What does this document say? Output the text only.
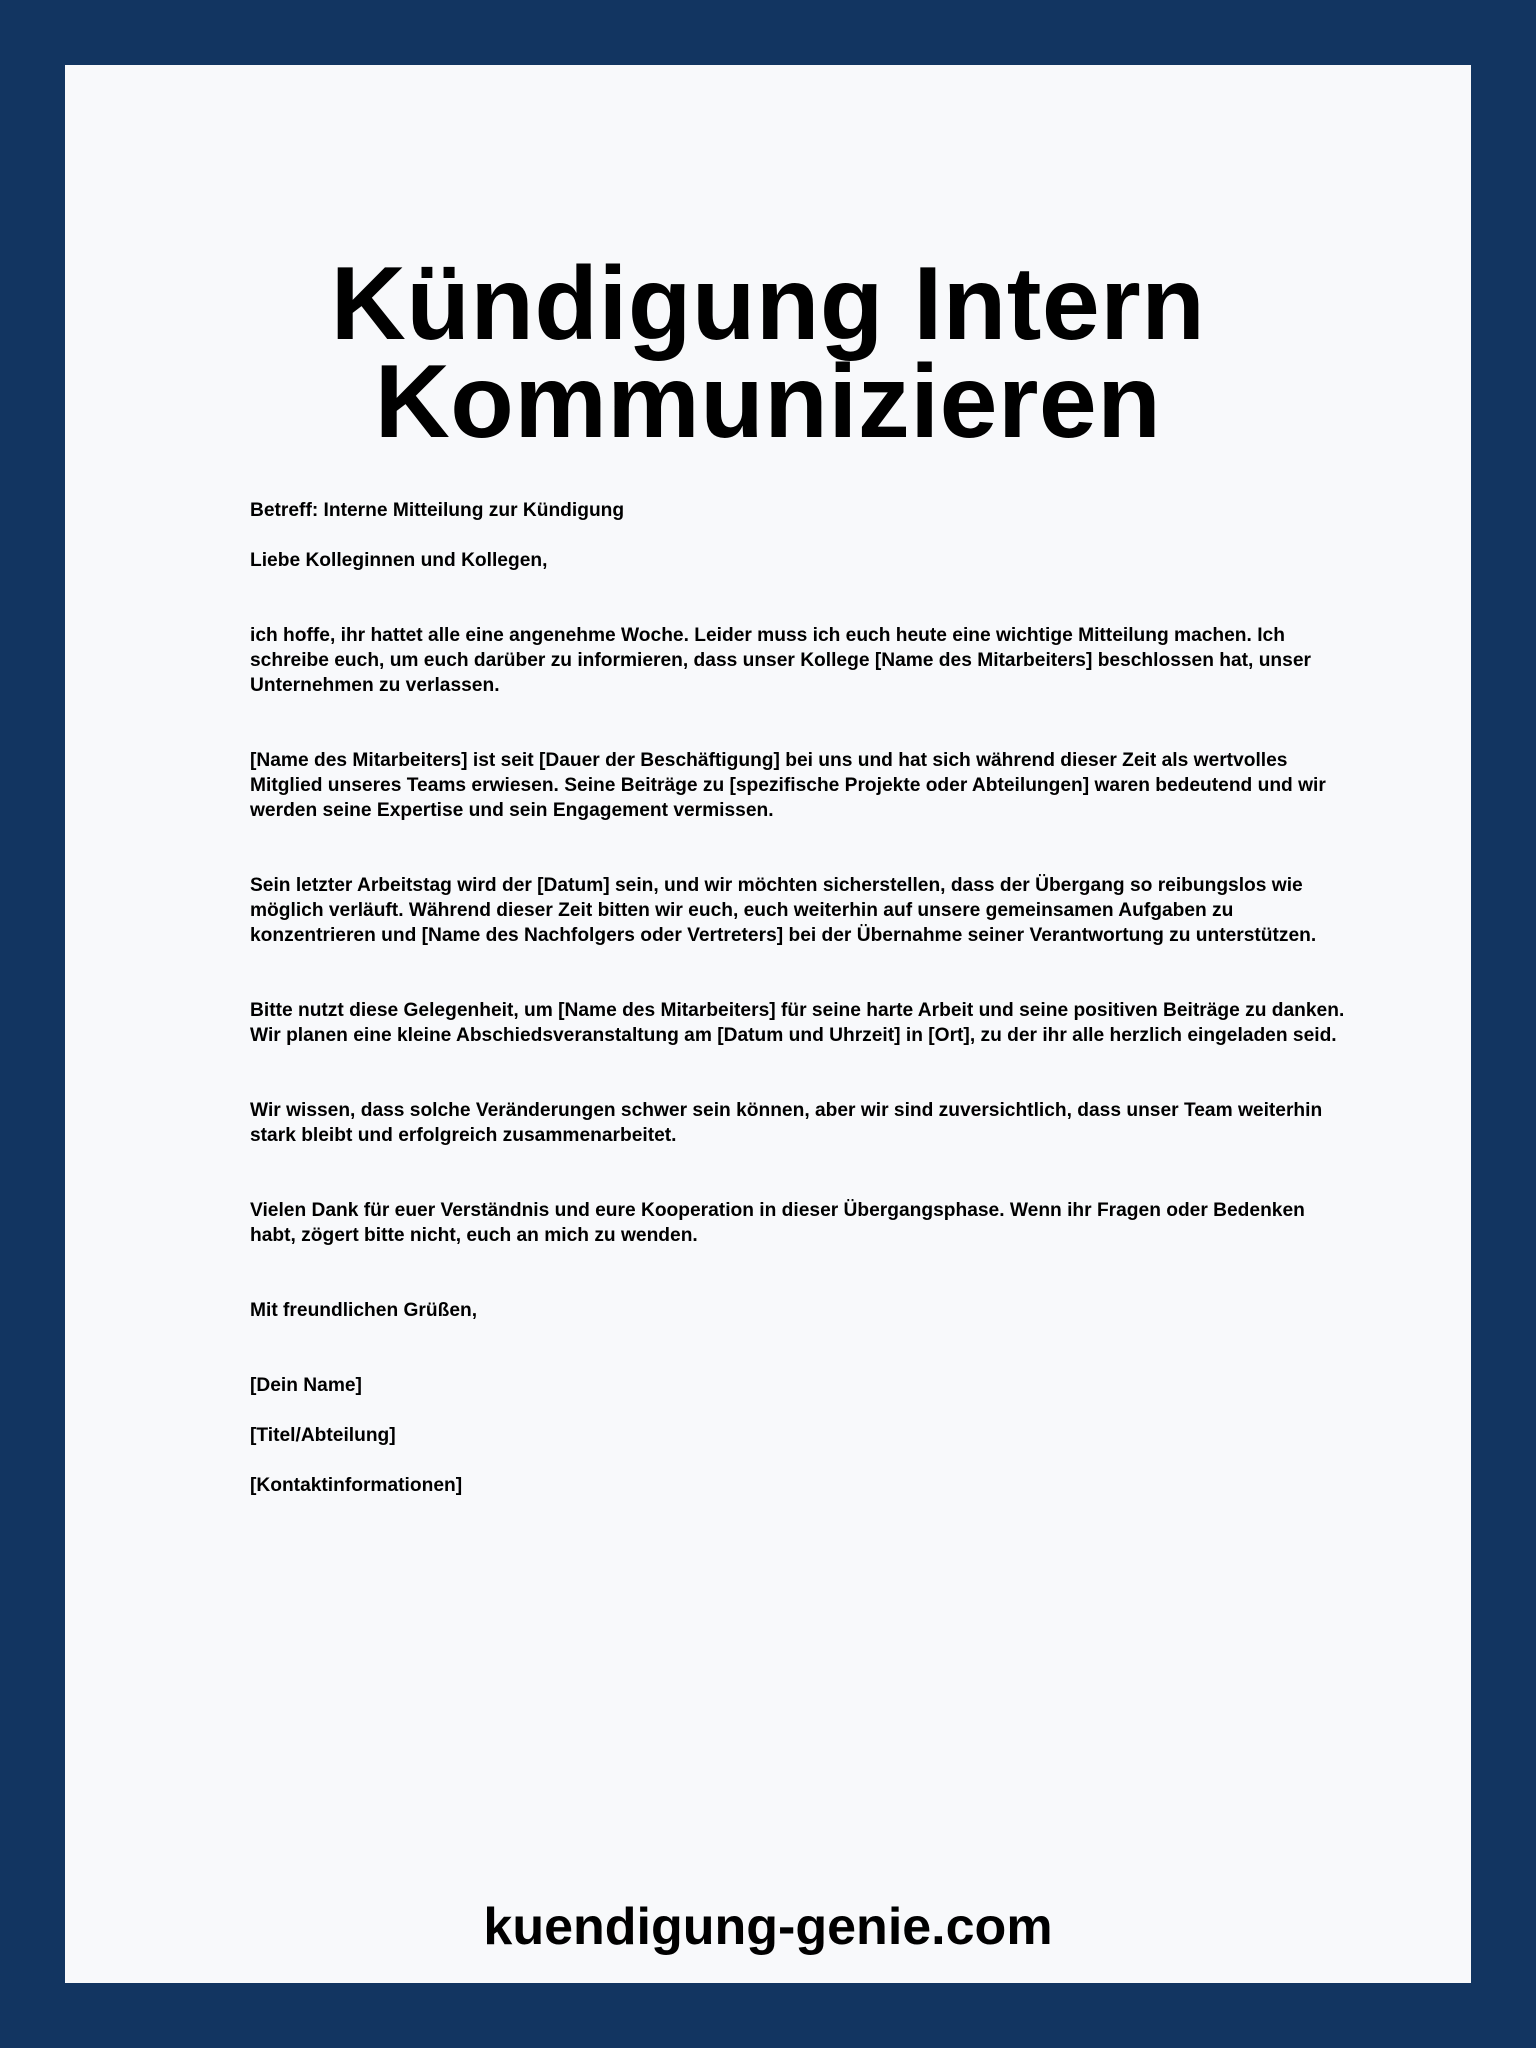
Kündigung Intern
Kommunizieren

Betreff: Interne Mitteilung zur Kündigung

Liebe Kolleginnen und Kollegen,

ich hoffe, ihr hattet alle eine angenehme Woche. Leider muss ich euch heute eine wichtige Mitteilung machen. Ich schreibe euch, um euch darüber zu informieren, dass unser Kollege [Name des Mitarbeiters] beschlossen hat, unser Unternehmen zu verlassen.

[Name des Mitarbeiters] ist seit [Dauer der Beschäftigung] bei uns und hat sich während dieser Zeit als wertvolles Mitglied unseres Teams erwiesen. Seine Beiträge zu [spezifische Projekte oder Abteilungen] waren bedeutend und wir werden seine Expertise und sein Engagement vermissen.

Sein letzter Arbeitstag wird der [Datum] sein, und wir möchten sicherstellen, dass der Übergang so reibungslos wie möglich verläuft. Während dieser Zeit bitten wir euch, euch weiterhin auf unsere gemeinsamen Aufgaben zu konzentrieren und [Name des Nachfolgers oder Vertreters] bei der Übernahme seiner Verantwortung zu unterstützen.

Bitte nutzt diese Gelegenheit, um [Name des Mitarbeiters] für seine harte Arbeit und seine positiven Beiträge zu danken. Wir planen eine kleine Abschiedsveranstaltung am [Datum und Uhrzeit] in [Ort], zu der ihr alle herzlich eingeladen seid.

Wir wissen, dass solche Veränderungen schwer sein können, aber wir sind zuversichtlich, dass unser Team weiterhin stark bleibt und erfolgreich zusammenarbeitet.

Vielen Dank für euer Verständnis und eure Kooperation in dieser Übergangsphase. Wenn ihr Fragen oder Bedenken habt, zögert bitte nicht, euch an mich zu wenden.

Mit freundlichen Grüßen,

[Dein Name]

[Titel/Abteilung]

[Kontaktinformationen]

kuendigung-genie.com
